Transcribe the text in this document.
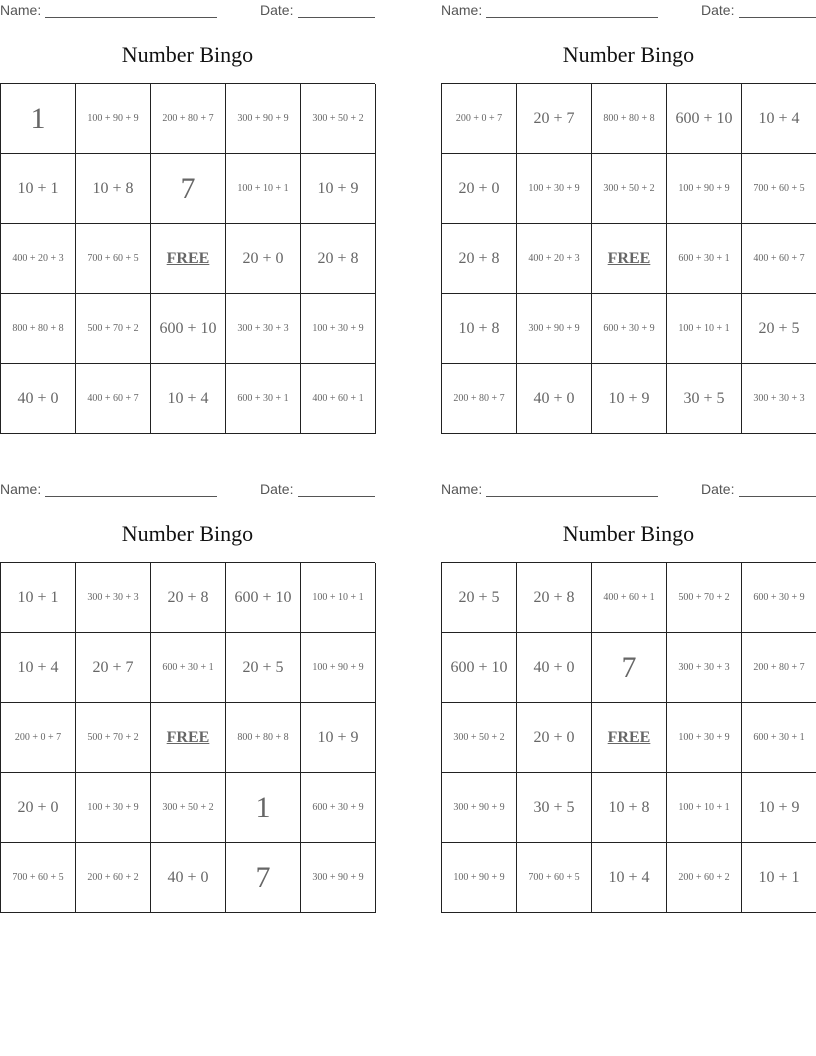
Name:	Date:
Number Bingo
1	100 + 90 + 9	200 + 80 + 7	300 + 90 + 9	300 + 50 + 2
10 + 1	10 + 8	7	100 + 10 + 1	10 + 9
400 + 20 + 3	700 + 60 + 5	FREE	20 + 0	20 + 8
800 + 80 + 8	500 + 70 + 2	600 + 10	300 + 30 + 3	100 + 30 + 9
40 + 0	400 + 60 + 7	10 + 4	600 + 30 + 1	400 + 60 + 1
Name:	Date:
Number Bingo
200 + 0 + 7	20 + 7	800 + 80 + 8	600 + 10	10 + 4
20 + 0	100 + 30 + 9	300 + 50 + 2	100 + 90 + 9	700 + 60 + 5
20 + 8	400 + 20 + 3	FREE	600 + 30 + 1	400 + 60 + 7
10 + 8	300 + 90 + 9	600 + 30 + 9	100 + 10 + 1	20 + 5
200 + 80 + 7	40 + 0	10 + 9	30 + 5	300 + 30 + 3
Name:	Date:
Number Bingo
10 + 1	300 + 30 + 3	20 + 8	600 + 10	100 + 10 + 1
10 + 4	20 + 7	600 + 30 + 1	20 + 5	100 + 90 + 9
200 + 0 + 7	500 + 70 + 2	FREE	800 + 80 + 8	10 + 9
20 + 0	100 + 30 + 9	300 + 50 + 2	1	600 + 30 + 9
700 + 60 + 5	200 + 60 + 2	40 + 0	7	300 + 90 + 9
Name:	Date:
Number Bingo
20 + 5	20 + 8	400 + 60 + 1	500 + 70 + 2	600 + 30 + 9
600 + 10	40 + 0	7	300 + 30 + 3	200 + 80 + 7
300 + 50 + 2	20 + 0	FREE	100 + 30 + 9	600 + 30 + 1
300 + 90 + 9	30 + 5	10 + 8	100 + 10 + 1	10 + 9
100 + 90 + 9	700 + 60 + 5	10 + 4	200 + 60 + 2	10 + 1
